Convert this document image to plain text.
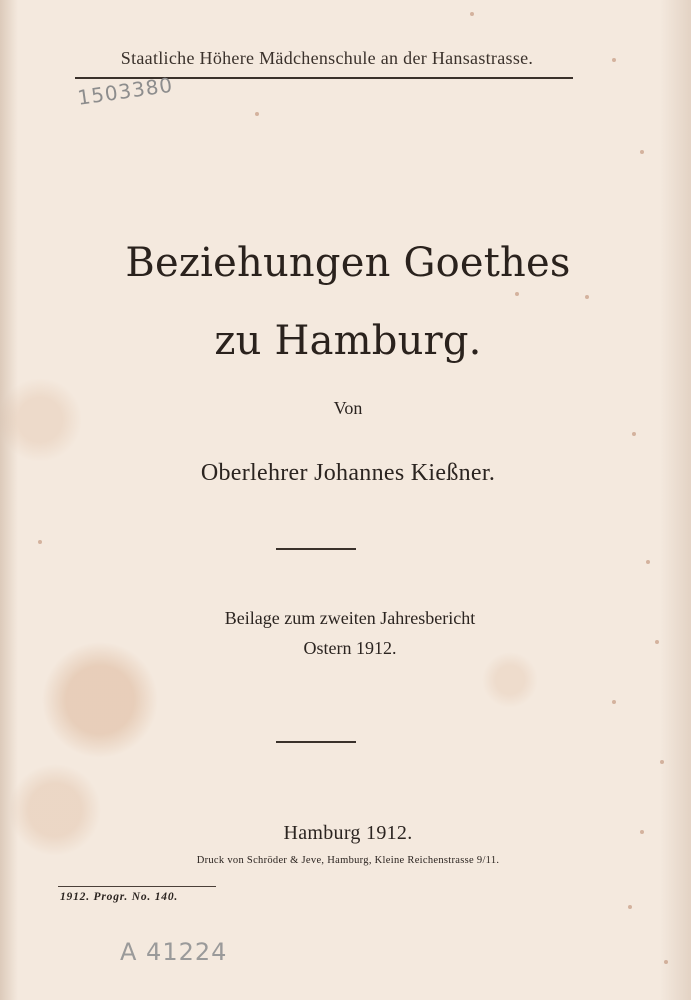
Staatliche Höhere Mädchenschule an der Hansastrasse.
1503380
Beziehungen Goethes
zu Hamburg.
Von
Oberlehrer Johannes Kießner.
Beilage zum zweiten Jahresbericht
Ostern 1912.
Hamburg 1912.
Druck von Schröder & Jeve, Hamburg, Kleine Reichenstrasse 9/11.
1912. Progr. No. 140.
A 41224
